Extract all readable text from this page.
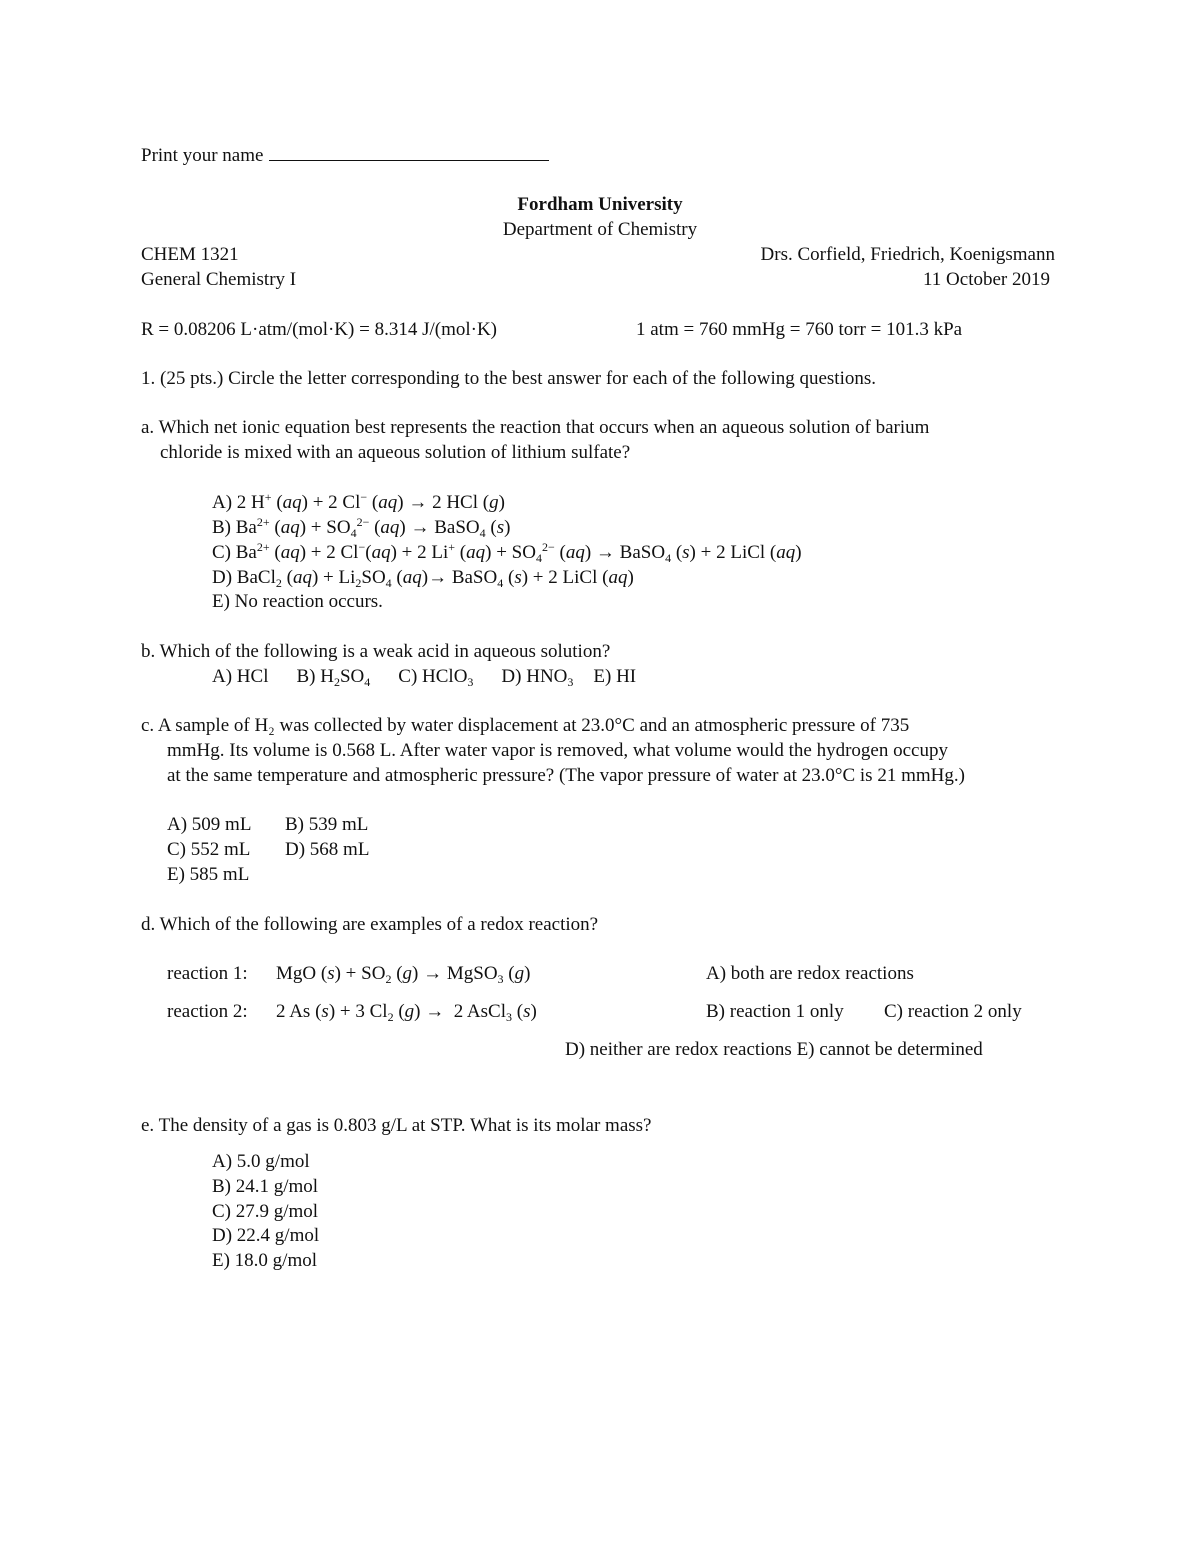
Print your name
Fordham University
Department of Chemistry
CHEM 1321	Drs. Corfield, Friedrich, Koenigsmann
General Chemistry I	11 October 2019
R = 0.08206 L·atm/(mol·K) = 8.314 J/(mol·K)	1 atm = 760 mmHg = 760 torr = 101.3 kPa
1. (25 pts.) Circle the letter corresponding to the best answer for each of the following questions.
a. Which net ionic equation best represents the reaction that occurs when an aqueous solution of barium
chloride is mixed with an aqueous solution of lithium sulfate?
A) 2 H+ (aq) + 2 Cl− (aq) → 2 HCl (g)
B) $Ba^{2+}$ $(aq) + SO_4^{2-}$ (aq) → BaSO$_4$ (s)
C) $Ba^{2+}$ (aq) + 2 Cl−(aq) + 2 Li+ $(aq) + SO_4^{2-}$ (aq) → BaSO$_4$ (s) + 2 LiCl (aq)
D) BaCl$_2$ $(aq) + Li_2SO_4$ (aq)→ BaSO$_4$ (s) + 2 LiCl (aq)
E) No reaction occurs.
b. Which of the following is a weak acid in aqueous solution?
A) HCl B) $H_2SO_4$ C) HClO$_3$ D) $HNO_3$ E) HI
c. A sample of H₂ was collected by water displacement at 23.0°C and an atmospheric pressure of 735
mmHg. Its volume is 0.568 L. After water vapor is removed, what volume would the hydrogen occupy
at the same temperature and atmospheric pressure? (The vapor pressure of water at 23.0°C is 21 mmHg.)
A) 509 mL B) 539 mL
C) 552 mL D) 568 mL
E) 585 mL
d. Which of the following are examples of a redox reaction?
reaction 1: MgO $(s) + SO_2$ (g) → MgSO$_3$ (g)	A) both are redox reactions
reaction 2: 2 As (s) + 3 $Cl_2$ (g) →  2 AsCl$_3$ (s)	B) reaction 1 only C) reaction 2 only
D) neither are redox reactions E) cannot be determined
e. The density of a gas is 0.803 g/L at STP. What is its molar mass?
A) 5.0 g/mol
B) 24.1 g/mol
C) 27.9 g/mol
D) 22.4 g/mol
E) 18.0 g/mol
